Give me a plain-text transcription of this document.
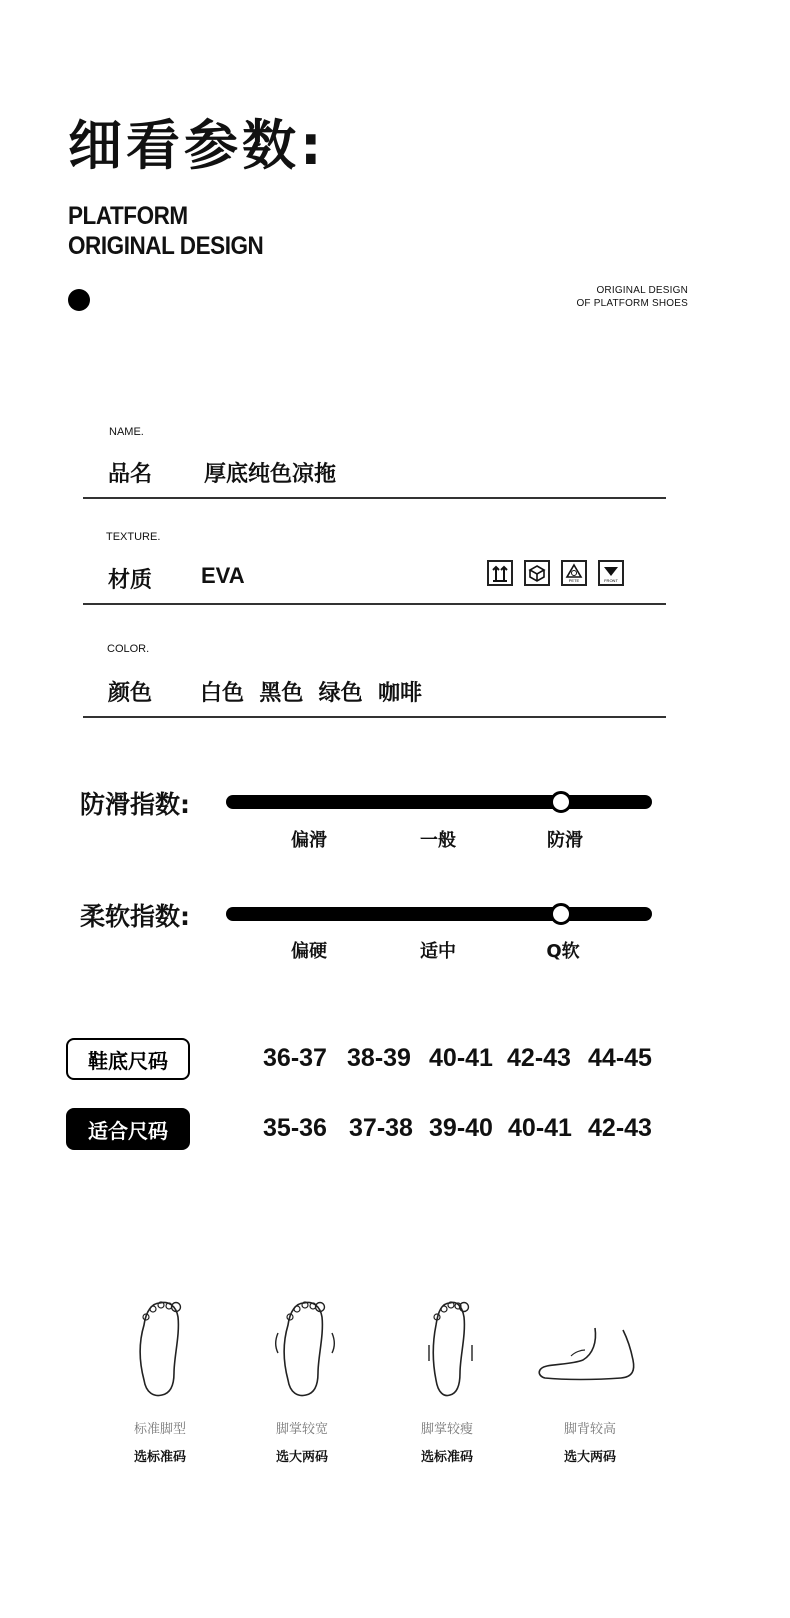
细看参数:
PLATFORM
ORIGINAL DESIGN
ORIGINAL DESIGN
OF PLATFORM SHOES
NAME.
品名 厚底纯色凉拖
TEXTURE.
材质 EVA	PETE	FRONT
COLOR.
颜色 白色  黑色  绿色  咖啡
防滑指数:
偏滑	一般	防滑
柔软指数:
偏硬	适中	Q软
鞋底尺码	36-37 38-39 40-41 42-43 44-45
适合尺码	35-36 37-38 39-40 40-41 42-43
标准脚型
选标准码
脚掌较宽
选大两码
脚掌较瘦
选标准码
脚背较高
选大两码
